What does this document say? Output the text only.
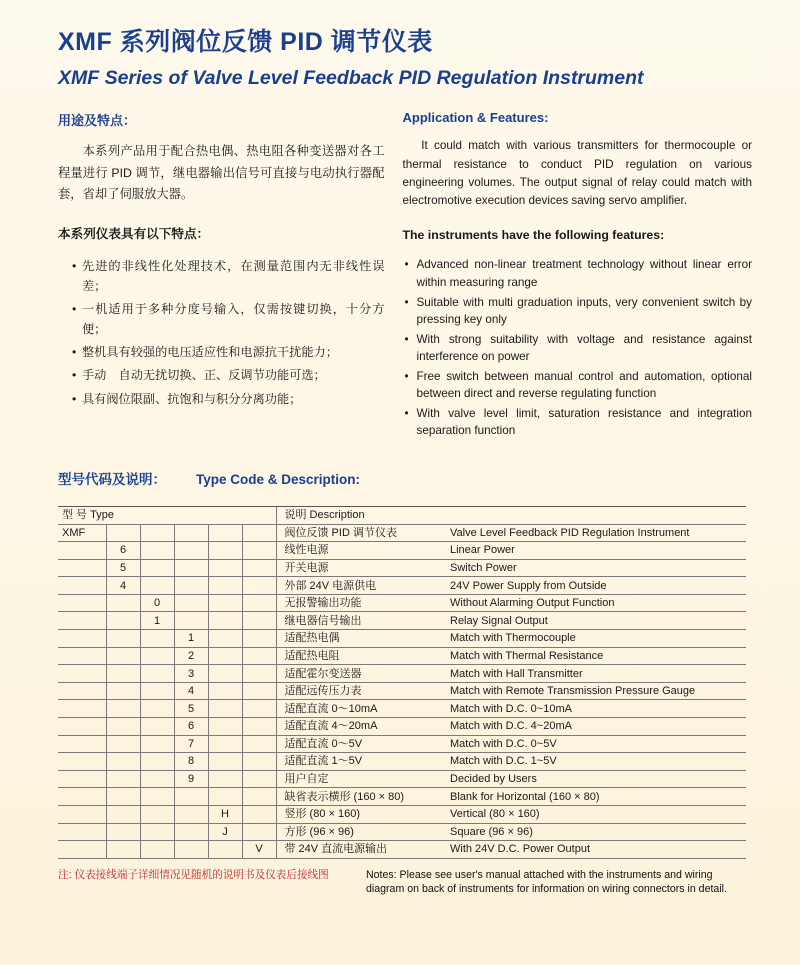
XMF 系列阀位反馈 PID 调节仪表
XMF Series of Valve Level Feedback PID Regulation Instrument
用途及特点：

本系列产品用于配合热电偶、热电阻各种变送器对各工程量进行 PID 调节，继电器输出信号可直接与电动执行器配套，省却了伺服放大器。

本系列仪表具有以下特点：
• 先进的非线性化处理技术，在测量范围内无非线性误差；
• 一机适用于多种分度号输入，仅需按键切换，十分方便；
• 整机具有较强的电压适应性和电源抗干扰能力；
• 手动　自动无扰切换、正、反调节功能可选；
• 具有阀位限副、抗饱和与积分分离功能；
Application & Features:

It could match with various transmitters for thermocouple or thermal resistance to conduct PID regulation on various engineering volumes. The output signal of relay could match with electromotive execution devices saving servo amplifier.

The instruments have the following features:
• Advanced non-linear treatment technology without linear error within measuring range
• Suitable with multi graduation inputs, very convenient switch by pressing key only
• With strong suitability with voltage and resistance against interference on power
• Free switch between manual control and automation, optional between direct and reverse regulating function
• With valve level limit, saturation resistance and integration separation function
型号代码及说明： Type Code & Description:
型 号 Type						说明 Description	
XMF						阀位反馈 PID 调节仪表	Valve Level Feedback PID Regulation Instrument
	6					线性电源	Linear Power
	5					开关电源	Switch Power
	4					外部 24V 电源供电	24V Power Supply from Outside
		0				无报警输出功能	Without Alarming Output Function
		1				继电器信号输出	Relay Signal Output
			1			适配热电偶	Match with Thermocouple
			2			适配热电阻	Match with Thermal Resistance
			3			适配霍尔变送器	Match with Hall Transmitter
			4			适配远传压力表	Match with Remote Transmission Pressure Gauge
			5			适配直流 0～10mA	Match with D.C. 0~10mA
			6			适配直流 4～20mA	Match with D.C. 4~20mA
			7			适配直流 0～5V	Match with D.C. 0~5V
			8			适配直流 1～5V	Match with D.C. 1~5V
			9			用户自定	Decided by Users
						缺省表示横形 (160 × 80)	Blank for Horizontal (160 × 80)
				H		竖形 (80 × 160)	Vertical (80 × 160)
				J		方形 (96 × 96)	Square (96 × 96)
					V	带 24V 直流电源输出	With 24V D.C. Power Output
注: 仪表接线端子详细情况见随机的说明书及仪表后接线图	Notes: Please see user's manual attached with the instruments and wiring diagram on back of instruments for information on wiring connectors in detail.
